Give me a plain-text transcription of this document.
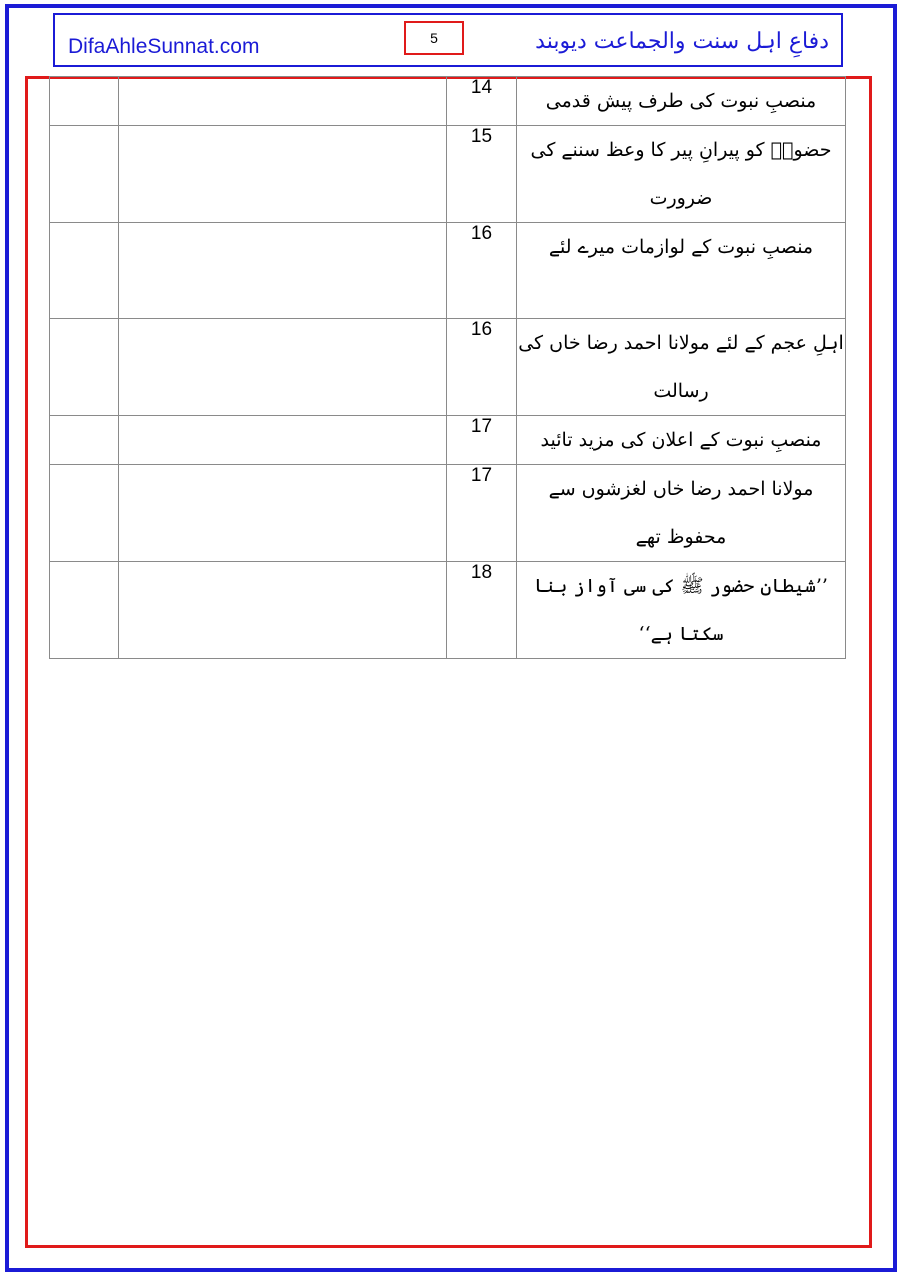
DifaAhleSunnat.com	5	دفاعِ اہل سنت والجماعت دیوبند
		14	منصبِ نبوت کی طرف پیش قدمی
		15	حضورؐ کو پیرانِ پیر کا وعظ سننے کی ضرورت
		16	منصبِ نبوت کے لوازمات میرے لئے
		16	اہلِ عجم کے لئے مولانا احمد رضا خاں کی رسالت
		17	منصبِ نبوت کے اعلان کی مزید تائید
		17	مولانا احمد رضا خاں لغزشوں سے محفوظ تھے
		18	’’شیطان حضور ﷺ کی سی آواز بنا سکتا ہے‘‘
